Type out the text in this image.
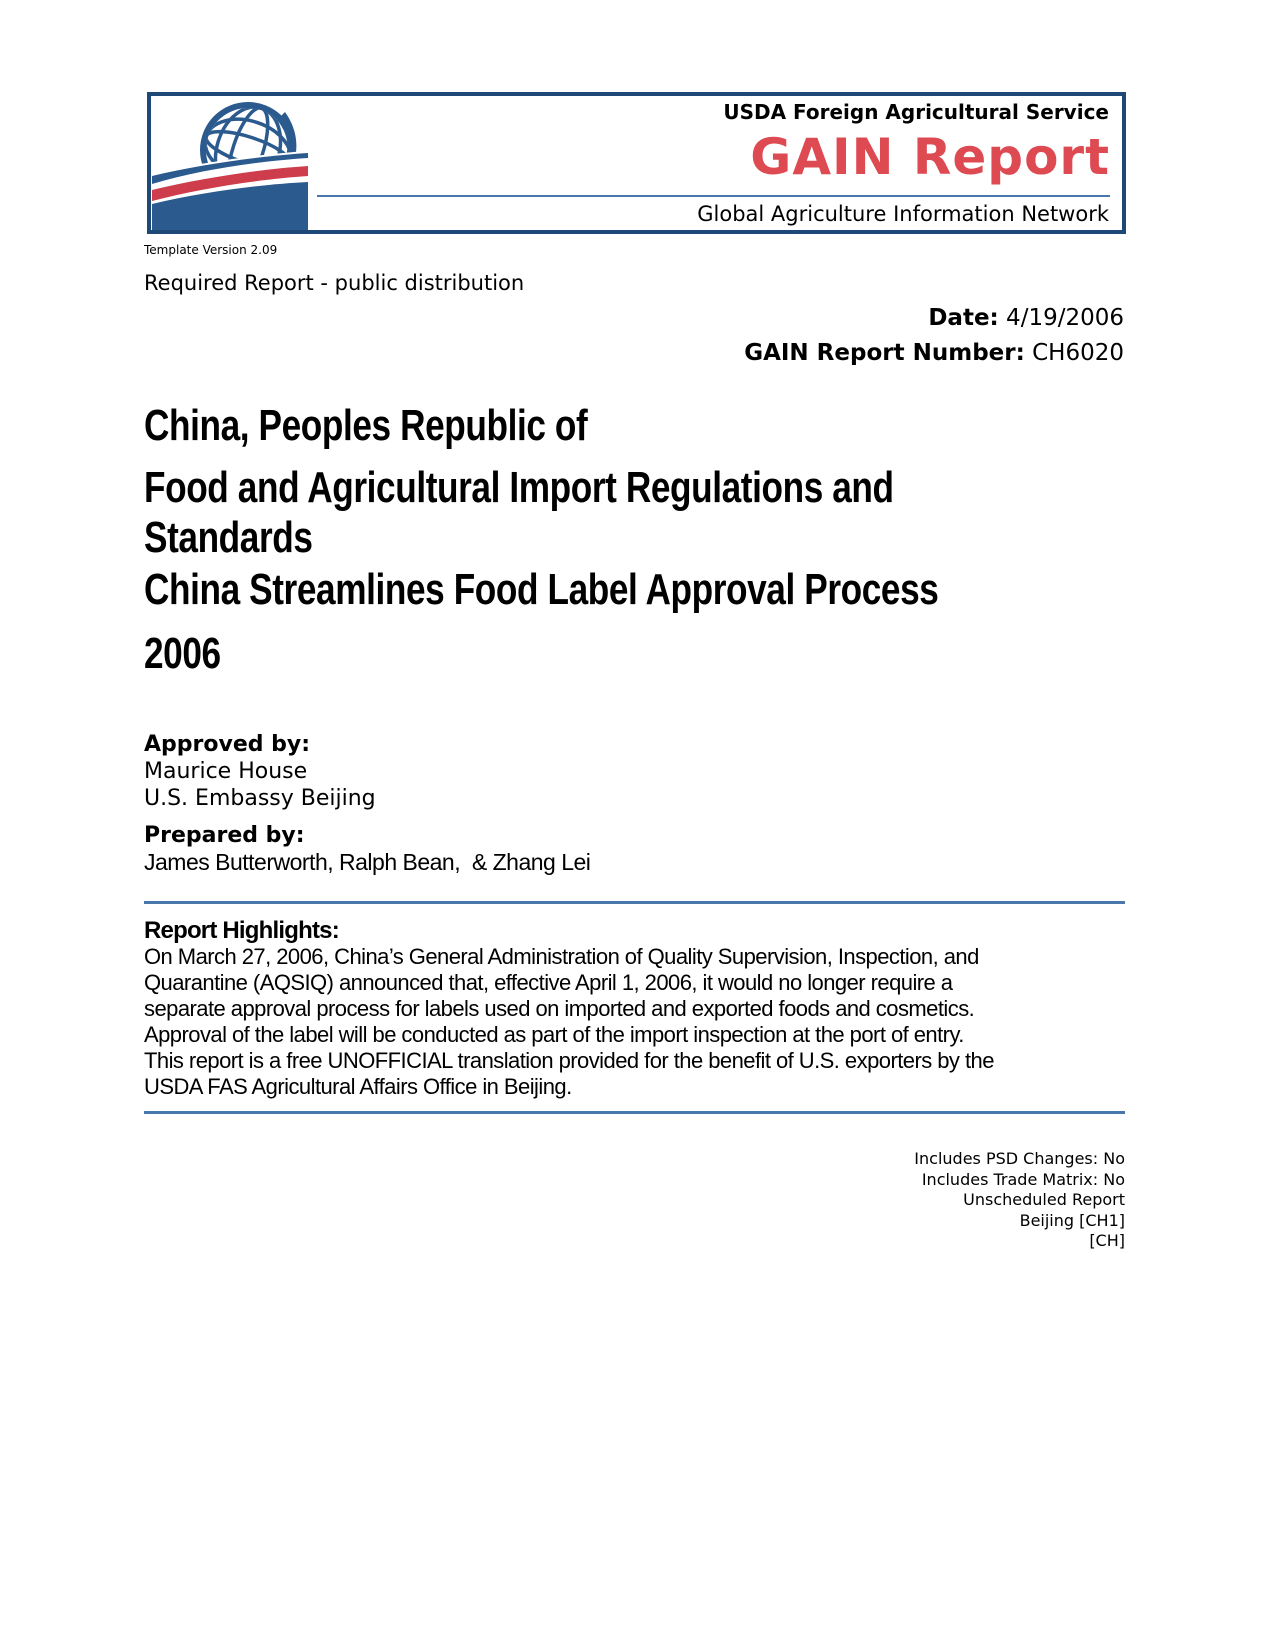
USDA Foreign Agricultural Service
GAIN Report
Global Agriculture Information Network
Template Version 2.09
Required Report - public distribution
Date: 4/19/2006
GAIN Report Number: CH6020
China, Peoples Republic of
Food and Agricultural Import Regulations and
Standards
China Streamlines Food Label Approval Process
2006
Approved by:
Maurice House
U.S. Embassy Beijing
Prepared by:
James Butterworth, Ralph Bean,  & Zhang Lei
Report Highlights:
On March 27, 2006, China’s General Administration of Quality Supervision, Inspection, and
Quarantine (AQSIQ) announced that, effective April 1, 2006, it would no longer require a
separate approval process for labels used on imported and exported foods and cosmetics.
Approval of the label will be conducted as part of the import inspection at the port of entry.
This report is a free UNOFFICIAL translation provided for the benefit of U.S. exporters by the
USDA FAS Agricultural Affairs Office in Beijing.
Includes PSD Changes: No
Includes Trade Matrix: No
Unscheduled Report
Beijing [CH1]
[CH]
